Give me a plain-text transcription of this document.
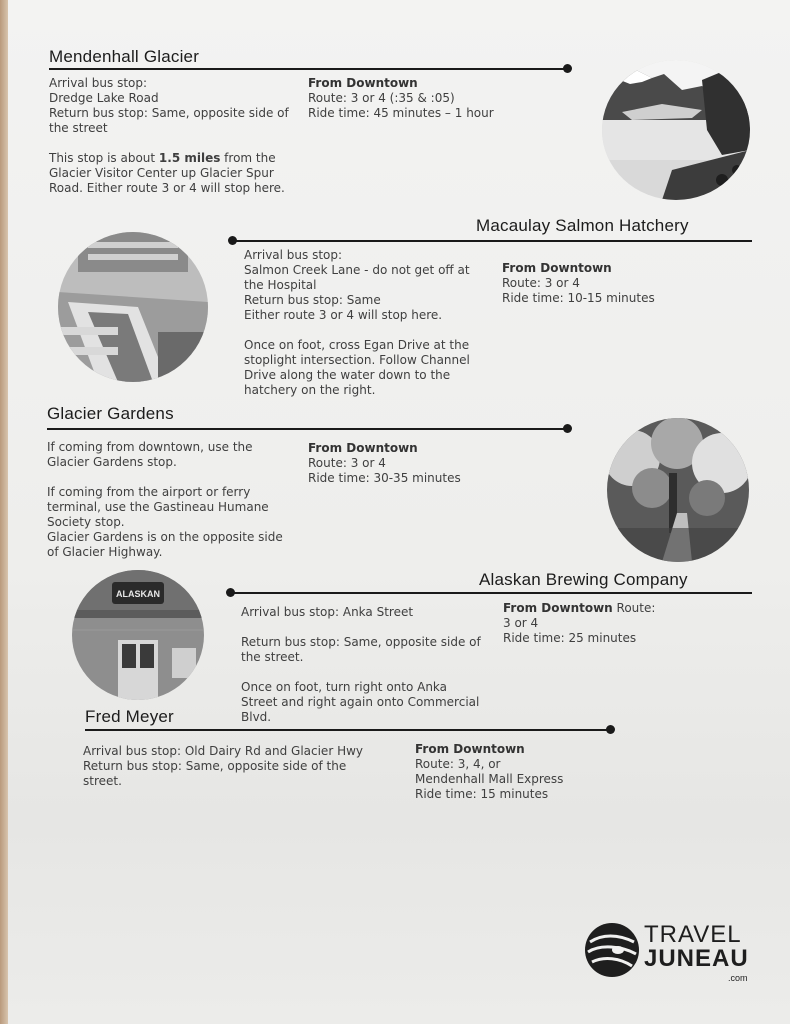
Mendenhall Glacier

Arrival bus stop:

Dredge Lake Road

Return bus stop: Same, opposite side of the street

This stop is about 1.5 miles from the Glacier Visitor Center up Glacier Spur Road. Either route 3 or 4 will stop here.

From Downtown

Route: 3 or 4 (:35 & :05)

Ride time: 45 minutes – 1 hour

Macaulay Salmon Hatchery

Arrival bus stop:

Salmon Creek Lane - do not get off at the Hospital

Return bus stop: Same

Either route 3 or 4 will stop here.

Once on foot, cross Egan Drive at the stoplight intersection. Follow Channel Drive along the water down to the hatchery on the right.

From Downtown

Route: 3 or 4

Ride time: 10-15 minutes

Glacier Gardens

If coming from downtown, use the Glacier Gardens stop.

If coming from the airport or ferry terminal, use the Gastineau Humane Society stop.

Glacier Gardens is on the opposite side of Glacier Highway.

From Downtown

Route: 3 or 4

Ride time: 30-35 minutes

Alaskan Brewing Company
ALASKAN

Arrival bus stop: Anka Street

Return bus stop: Same, opposite side of the street.

Once on foot, turn right onto Anka Street and right again onto Commercial Blvd.

From Downtown Route:

3 or 4

Ride time: 25 minutes

Fred Meyer

Arrival bus stop: Old Dairy Rd and Glacier Hwy

Return bus stop: Same, opposite side of the street.

From Downtown

Route: 3, 4, or

Mendenhall Mall Express

Ride time: 15 minutes

TRAVEL
JUNEAU
.com
